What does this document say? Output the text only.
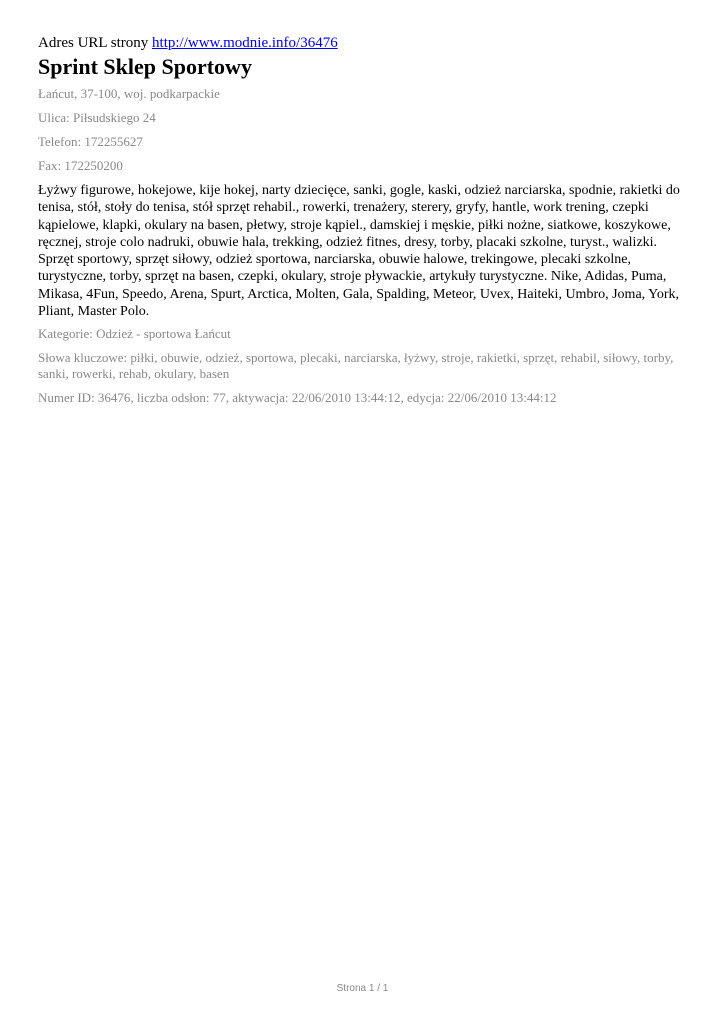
Adres URL strony http://www.modnie.info/36476

Sprint Sklep Sportowy

Łańcut, 37-100, woj. podkarpackie

Ulica: Piłsudskiego 24

Telefon: 172255627

Fax: 172250200

Łyżwy figurowe, hokejowe, kije hokej, narty dziecięce, sanki, gogle, kaski, odzież narciarska, spodnie, rakietki do tenisa, stół, stoły do tenisa, stół sprzęt rehabil., rowerki, trenażery, sterery, gryfy, hantle, work trening, czepki kąpielowe, klapki, okulary na basen, płetwy, stroje kąpiel., damskiej i męskie, piłki nożne, siatkowe, koszykowe, ręcznej, stroje colo nadruki, obuwie hala, trekking, odzież fitnes, dresy, torby, placaki szkolne, turyst., walizki. Sprzęt sportowy, sprzęt siłowy, odzież sportowa, narciarska, obuwie halowe, trekingowe, plecaki szkolne, turystyczne, torby, sprzęt na basen, czepki, okulary, stroje pływackie, artykuły turystyczne. Nike, Adidas, Puma, Mikasa, 4Fun, Speedo, Arena, Spurt, Arctica, Molten, Gala, Spalding, Meteor, Uvex, Haiteki, Umbro, Joma, York, Pliant, Master Polo.

Kategorie: Odzież - sportowa Łańcut

Słowa kluczowe: piłki, obuwie, odzież, sportowa, plecaki, narciarska, łyżwy, stroje, rakietki, sprzęt, rehabil, siłowy, torby, sanki, rowerki, rehab, okulary, basen

Numer ID: 36476, liczba odsłon: 77, aktywacja: 22/06/2010 13:44:12, edycja: 22/06/2010 13:44:12

Strona 1 / 1
